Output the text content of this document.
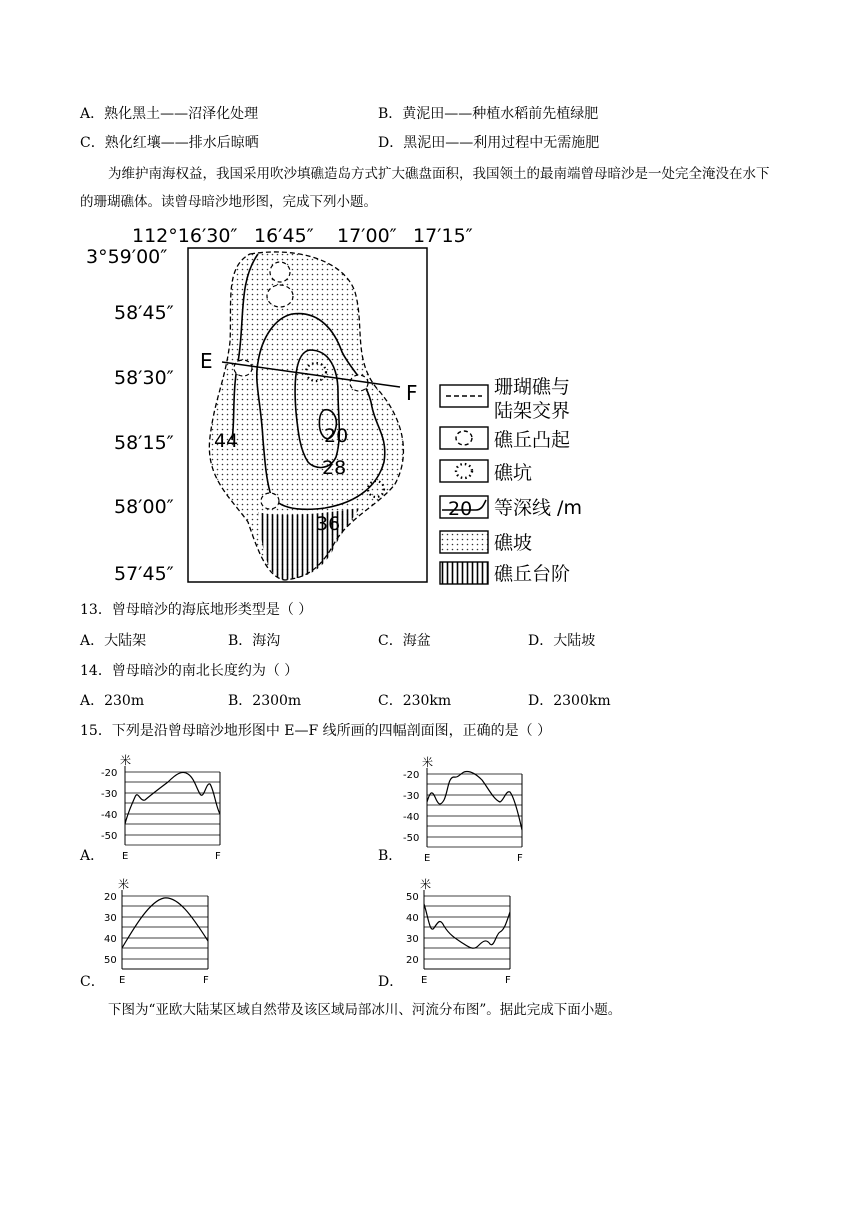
A．熟化黑土——沼泽化处理	B．黄泥田——种植水稻前先植绿肥
C．熟化红壤——排水后晾晒	D．黑泥田——利用过程中无需施肥
为维护南海权益，我国采用吹沙填礁造岛方式扩大礁盘面积，我国领土的最南端曾母暗沙是一处完全淹没在水下的珊瑚礁体。读曾母暗沙地形图，完成下列小题。
112°16′30″ 16′45″ 17′00″ 17′15″
3°59′00″
58′45″
58′30″
58′15″
58′00″
57′45″
E
F
44	20
28
36
珊瑚礁与
陆架交界
礁丘凸起
礁坑
20 等深线 /m
礁坡
礁丘台阶
13．曾母暗沙的海底地形类型是（ ）
A．大陆架	B．海沟	C．海盆	D．大陆坡
14．曾母暗沙的南北长度约为（ ）
A．230m	B．2300m	C．230km	D．2300km
15．下列是沿曾母暗沙地形图中 E—F 线所画的四幅剖面图，正确的是（ ）
A．
米
-20
-30
-40
-50
E	F	B．
米
-20
-30
-40
-50
E	F
C．
米
20
30
40
50
E	F	D．
米
50
40
30
20
E	F
下图为“亚欧大陆某区域自然带及该区域局部冰川、河流分布图”。据此完成下面小题。
